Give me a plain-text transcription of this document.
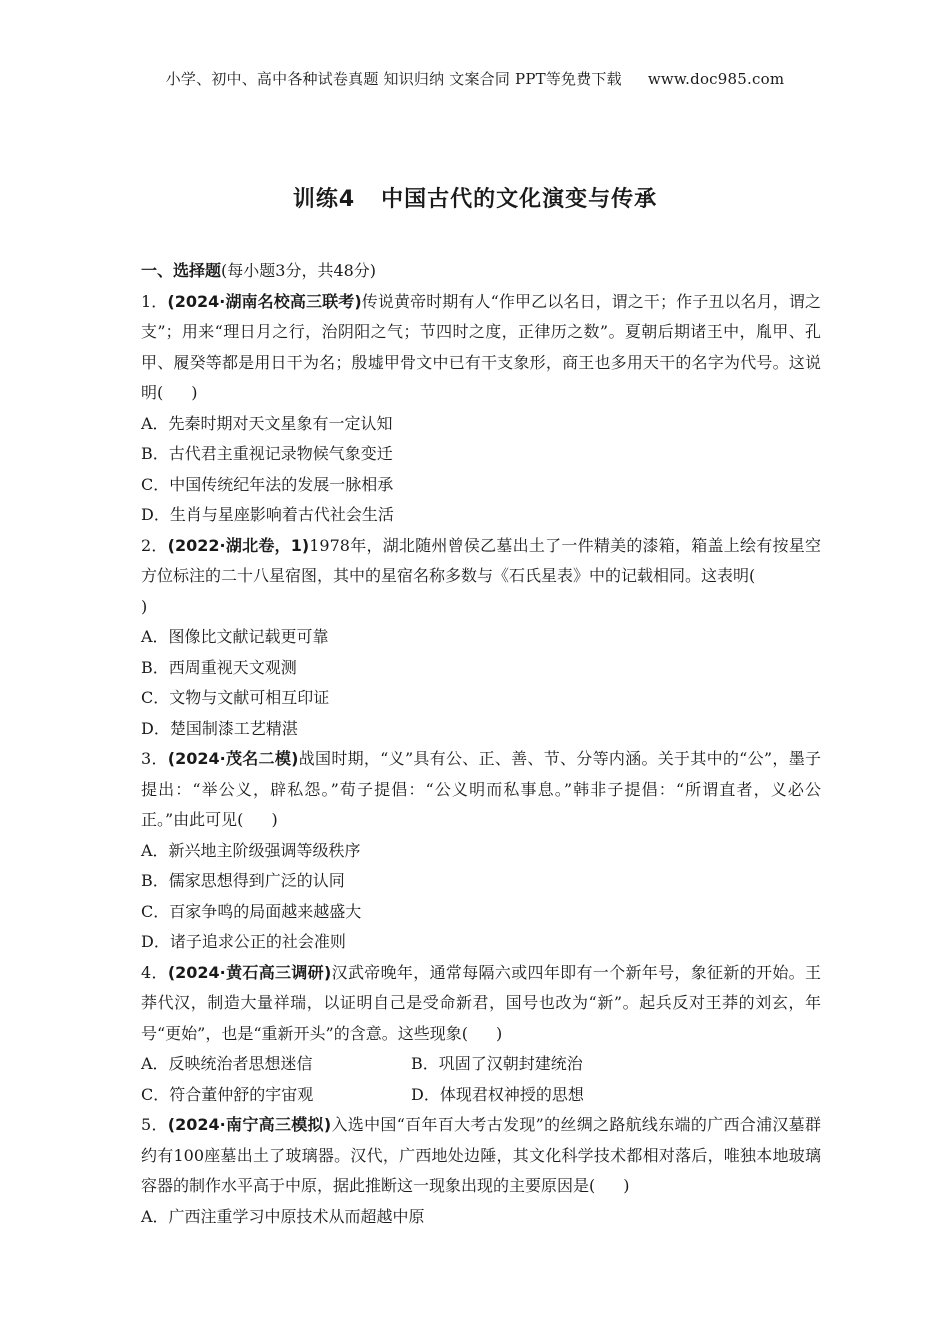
小学、初中、高中各种试卷真题 知识归纳 文案合同 PPT等免费下载 www.doc985.com
训练4 中国古代的文化演变与传承

一、选择题(每小题3分，共48分)

1．(2024·湖南名校高三联考)传说黄帝时期有人“作甲乙以名日，谓之干；作子丑以名月，谓之支”；用来“理日月之行，治阴阳之气；节四时之度，正律历之数”。夏朝后期诸王中，胤甲、孔甲、履癸等都是用日干为名；殷墟甲骨文中已有干支象形，商王也多用天干的名字为代号。这说明( )

A．先秦时期对天文星象有一定认知

B．古代君主重视记录物候气象变迁

C．中国传统纪年法的发展一脉相承

D．生肖与星座影响着古代社会生活

2．(2022·湖北卷，1)1978年，湖北随州曾侯乙墓出土了一件精美的漆箱，箱盖上绘有按星空方位标注的二十八星宿图，其中的星宿名称多数与《石氏星表》中的记载相同。这表明(
)

A．图像比文献记载更可靠

B．西周重视天文观测

C．文物与文献可相互印证

D．楚国制漆工艺精湛

3．(2024·茂名二模)战国时期，“义”具有公、正、善、节、分等内涵。关于其中的“公”，墨子提出：“举公义，辟私怨。”荀子提倡：“公义明而私事息。”韩非子提倡：“所谓直者，义必公正。”由此可见( )

A．新兴地主阶级强调等级秩序

B．儒家思想得到广泛的认同

C．百家争鸣的局面越来越盛大

D．诸子追求公正的社会准则

4．(2024·黄石高三调研)汉武帝晚年，通常每隔六或四年即有一个新年号，象征新的开始。王莽代汉，制造大量祥瑞，以证明自己是受命新君，国号也改为“新”。起兵反对王莽的刘玄，年号“更始”，也是“重新开头”的含意。这些现象( )

A．反映统治者思想迷信	B．巩固了汉朝封建统治

C．符合董仲舒的宇宙观	D．体现君权神授的思想

5．(2024·南宁高三模拟)入选中国“百年百大考古发现”的丝绸之路航线东端的广西合浦汉墓群约有100座墓出土了玻璃器。汉代，广西地处边陲，其文化科学技术都相对落后，唯独本地玻璃容器的制作水平高于中原，据此推断这一现象出现的主要原因是( )

A．广西注重学习中原技术从而超越中原
